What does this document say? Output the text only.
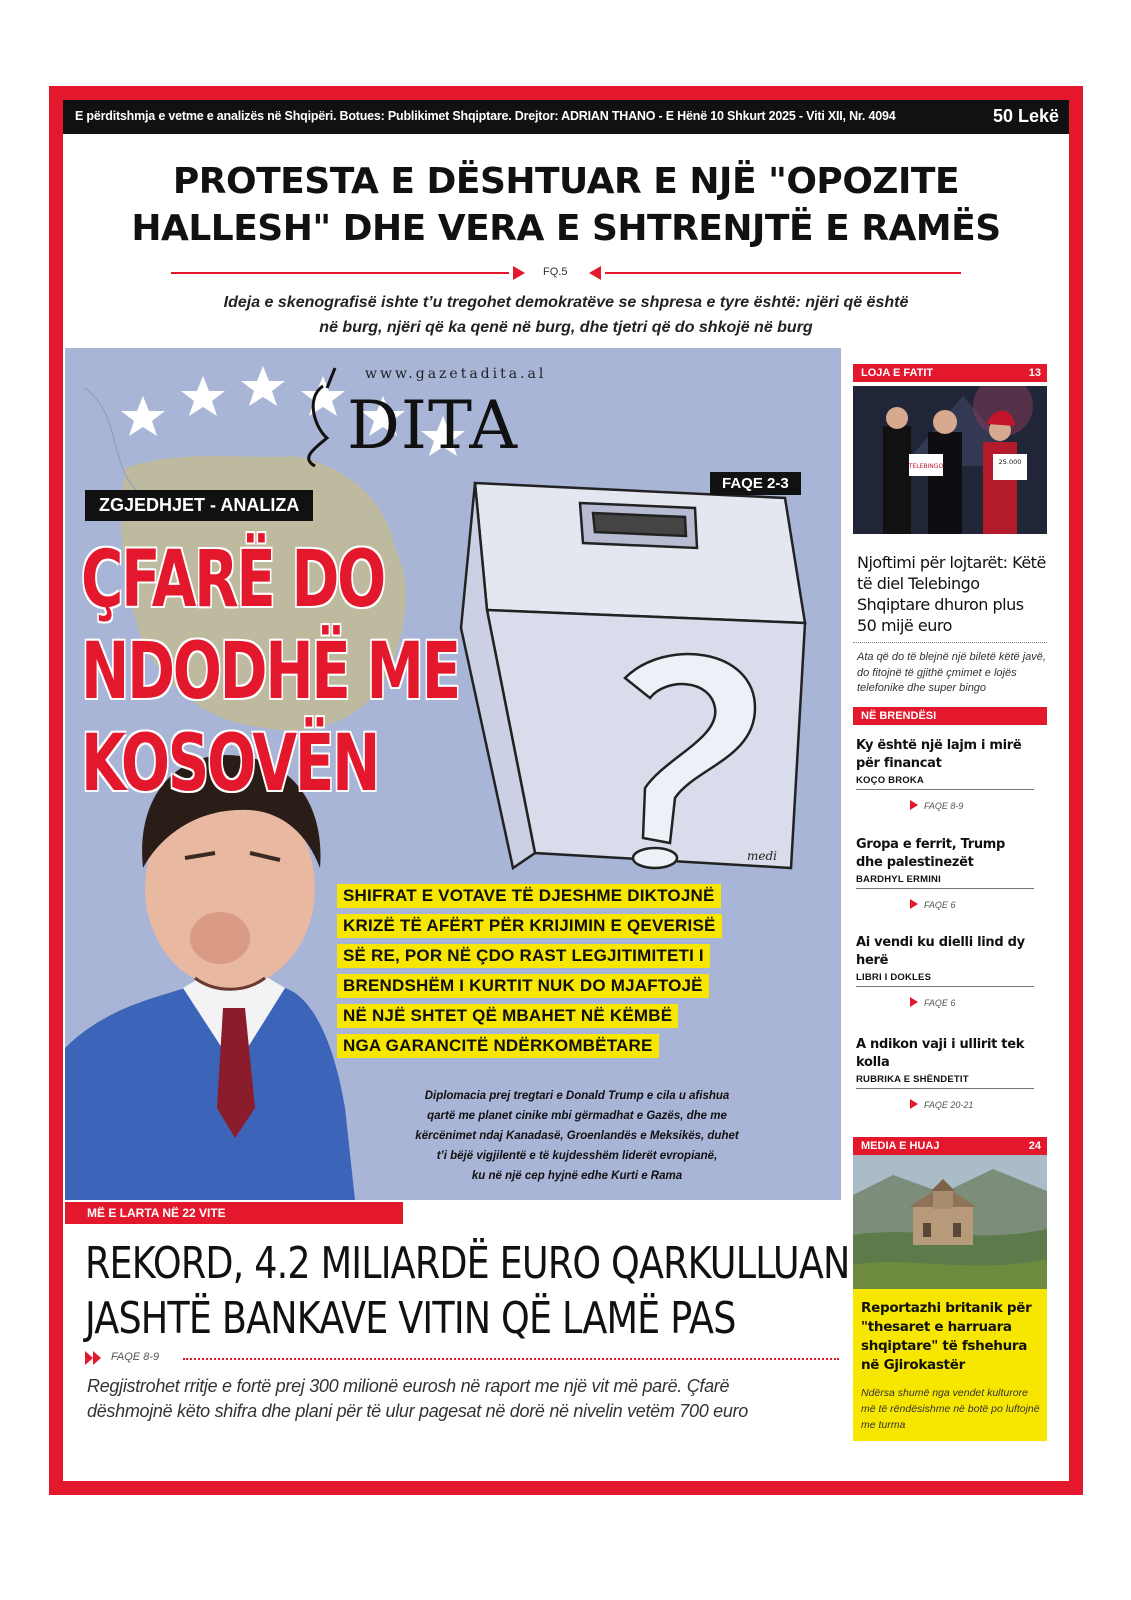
E përditshmja e vetme e analizës në Shqipëri. Botues: Publikimet Shqiptare. Drejtor: ADRIAN THANO - E Hënë 10 Shkurt 2025 - Viti XII, Nr. 4094	50 Lekë
PROTESTA E DËSHTUAR E NJË "OPOZITE
HALLESH" DHE VERA E SHTRENJTË E RAMËS
FQ.5
Ideja e skenografisë ishte t’u tregohet demokratëve se shpresa e tyre është: njëri që është
në burg, njëri që ka qenë në burg, dhe tjetri që do shkojë në burg
www.gazetadita.al
DITA
medi
FAQE 2-3
ZGJEDHJET - ANALIZA
ÇFARË DO
NDODHË ME
KOSOVËN
SHIFRAT E VOTAVE TË DJESHME DIKTOJNË
KRIZË TË AFËRT PËR KRIJIMIN E QEVERISË
SË RE, POR NË ÇDO RAST LEGJITIMITETI I
BRENDSHËM I KURTIT NUK DO MJAFTOJË
NË NJË SHTET QË MBAHET NË KËMBË
NGA GARANCITË NDËRKOMBËTARE
Diplomacia prej tregtari e Donald Trump e cila u afishua
qartë me planet cinike mbi gërmadhat e Gazës, dhe me
kërcënimet ndaj Kanadasë, Groenlandës e Meksikës, duhet
t’i bëjë vigjilentë e të kujdesshëm liderët evropianë,
ku në një cep hyjnë edhe Kurti e Rama
LOJA E FATIT	13
TELEBINGO
25.000
Njoftimi për lojtarët: Këtë të diel Telebingo Shqiptare dhuron plus 50 mijë euro
Ata që do të blejnë një biletë këtë javë, do fitojnë të gjithë çmimet e lojës telefonike dhe super bingo
NË BRENDËSI
Ky është një lajm i mirë për financat
KOÇO BROKA
FAQE 8-9
Gropa e ferrit, Trump dhe palestinezët
BARDHYL ERMINI
FAQE 6
Ai vendi ku dielli lind dy herë
LIBRI I DOKLES
FAQE 6
A ndikon vaji i ullirit tek kolla
RUBRIKA E SHËNDETIT
FAQE 20-21
MEDIA E HUAJ	24
Reportazhi britanik për "thesaret e harruara shqiptare" të fshehura në Gjirokastër
Ndërsa shumë nga vendet kulturore më të rëndësishme në botë po luftojnë me turma
MË E LARTA NË 22 VITE
REKORD, 4.2 MILIARDË EURO QARKULLUAN
JASHTË BANKAVE VITIN QË LAMË PAS
FAQE 8-9
Regjistrohet rritje e fortë prej 300 milionë eurosh në raport me një vit më parë. Çfarë
dëshmojnë këto shifra dhe plani për të ulur pagesat në dorë në nivelin vetëm 700 euro
